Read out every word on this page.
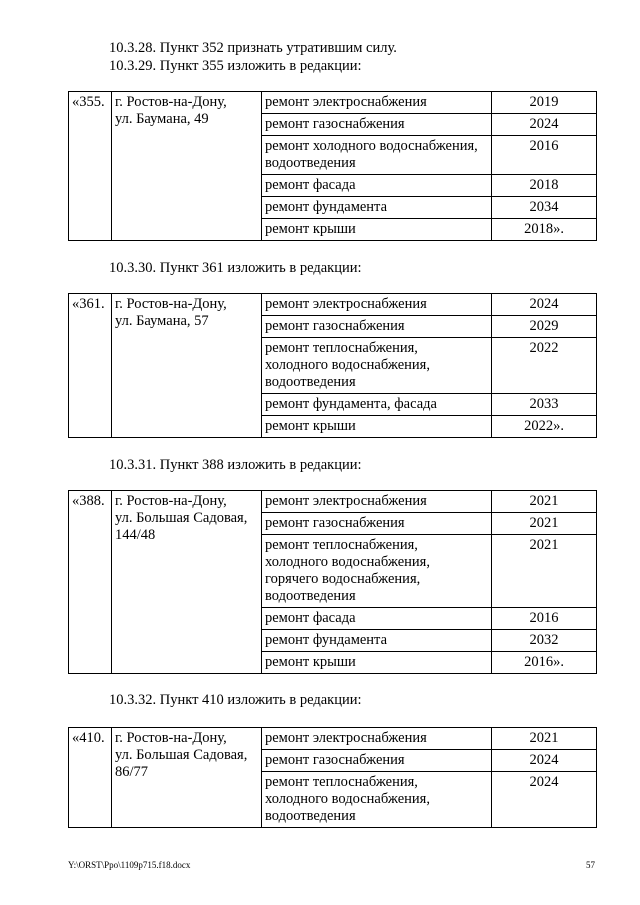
10.3.28. Пункт 352 признать утратившим силу.
10.3.29. Пункт 355 изложить в редакции:
«355.	г. Ростов-на-Дону,
ул. Баумана, 49	ремонт электроснабжения	2019
		ремонт газоснабжения	2024
		ремонт холодного водоснабжения,
водоотведения	2016
		ремонт фасада	2018
		ремонт фундамента	2034
		ремонт крыши	2018».
10.3.30. Пункт 361 изложить в редакции:
«361.	г. Ростов-на-Дону,
ул. Баумана, 57	ремонт электроснабжения	2024
		ремонт газоснабжения	2029
		ремонт теплоснабжения,
холодного водоснабжения,
водоотведения	2022
		ремонт фундамента, фасада	2033
		ремонт крыши	2022».
10.3.31. Пункт 388 изложить в редакции:
«388.	г. Ростов-на-Дону,
ул. Большая Садовая,
144/48	ремонт электроснабжения	2021
		ремонт газоснабжения	2021
		ремонт теплоснабжения,
холодного водоснабжения,
горячего водоснабжения,
водоотведения	2021
		ремонт фасада	2016
		ремонт фундамента	2032
		ремонт крыши	2016».
10.3.32. Пункт 410 изложить в редакции:
«410.	г. Ростов-на-Дону,
ул. Большая Садовая,
86/77	ремонт электроснабжения	2021
		ремонт газоснабжения	2024
		ремонт теплоснабжения,
холодного водоснабжения,
водоотведения	2024
Y:\ORST\Ppo\1109p715.f18.docx	57
